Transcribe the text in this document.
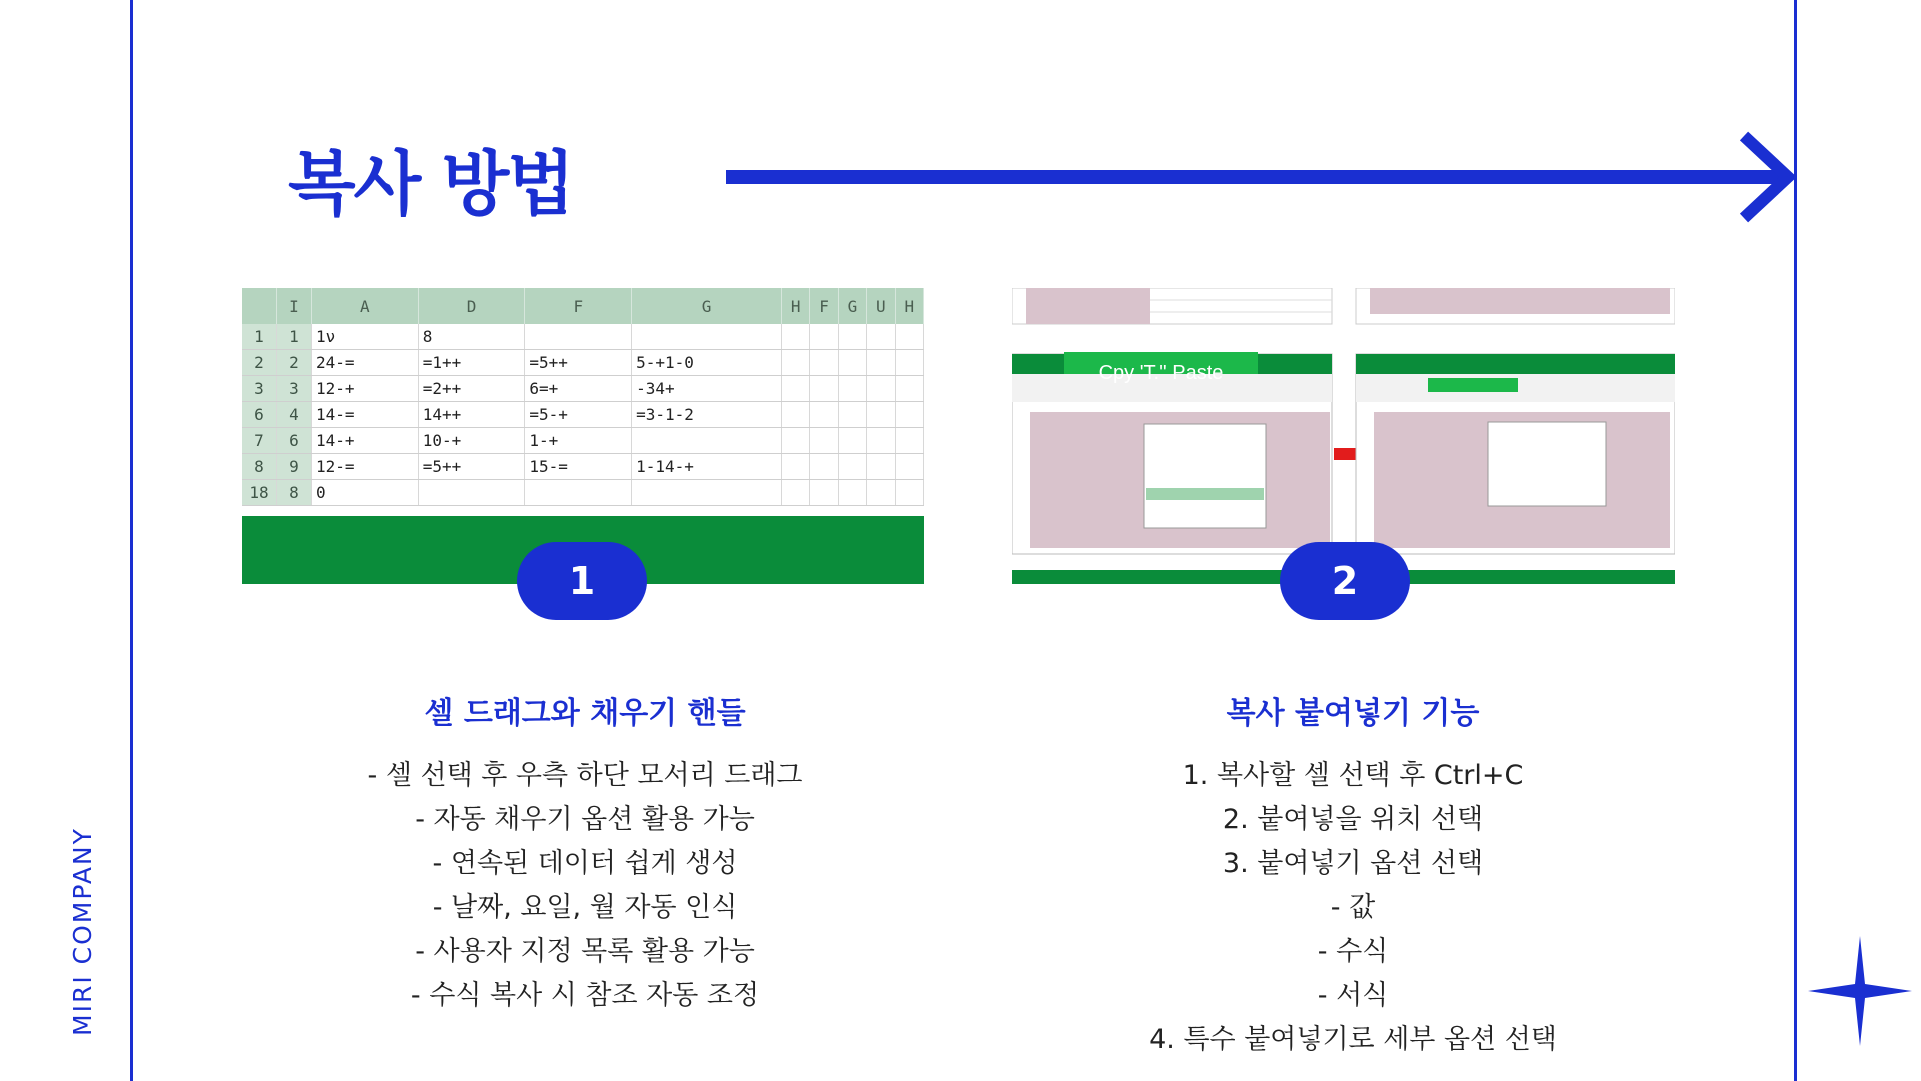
MIRI COMPANY
복사 방법
	I	A	D	F	G	H	F	G	U	H
1	1	1ν	8							
2	2	24-=	=1++	=5++	5-+1-0					
3	3	12-+	=2++	6=+	-34+					
6	4	14-=	14++	=5-+	=3-1-2					
7	6	14-+	10-+	1-+						
8	9	12-=	=5++	15-=	1-14-+					
18	8	0								
Cpy 'T.'' Paste
1	2
셀 드래그와 채우기 핸들
- 셀 선택 후 우측 하단 모서리 드래그
- 자동 채우기 옵션 활용 가능
- 연속된 데이터 쉽게 생성
- 날짜, 요일, 월 자동 인식
- 사용자 지정 목록 활용 가능
- 수식 복사 시 참조 자동 조정
복사 붙여넣기 기능
1. 복사할 셀 선택 후 Ctrl+C
2. 붙여넣을 위치 선택
3. 붙여넣기 옵션 선택
- 값
- 수식
- 서식
4. 특수 붙여넣기로 세부 옵션 선택
